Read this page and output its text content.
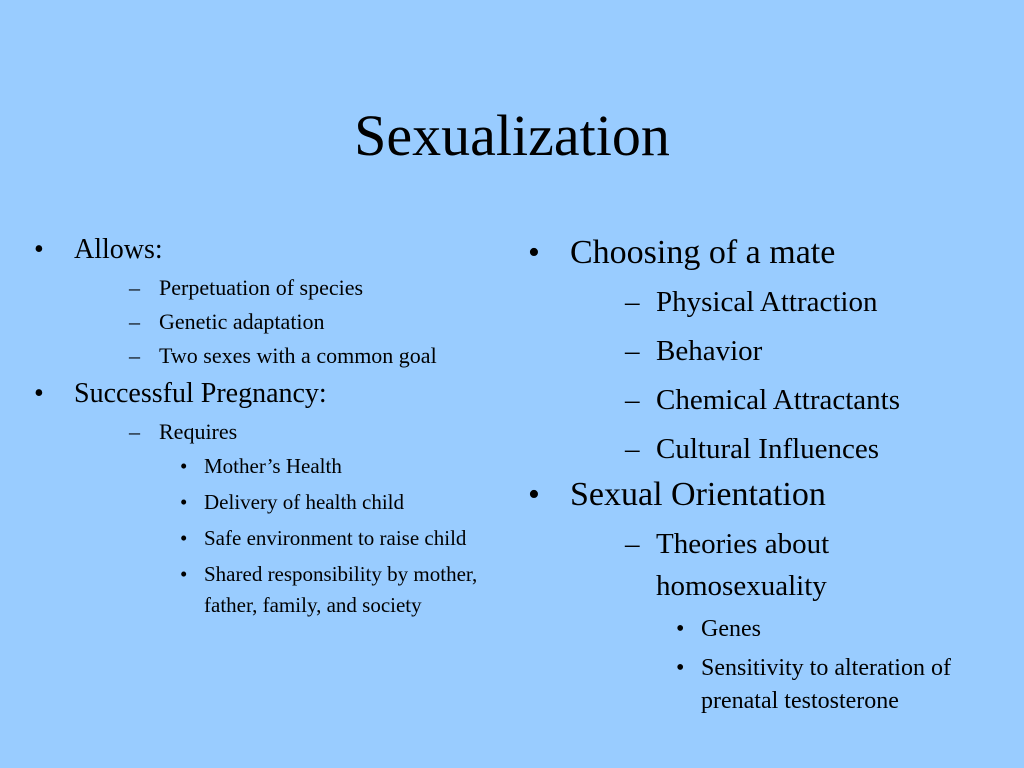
Sexualization
•	Allows:
– Perpetuation of species
– Genetic adaptation
– Two sexes with a common goal
•	Successful Pregnancy:
– Requires
• Mother’s Health
• Delivery of health child
• Safe environment to raise child
• Shared responsibility by mother, father, family, and society
• Choosing of a mate
– Physical Attraction
– Behavior
– Chemical Attractants
– Cultural Influences
• Sexual Orientation
– Theories about homosexuality
• Genes
• Sensitivity to alteration of prenatal testosterone
